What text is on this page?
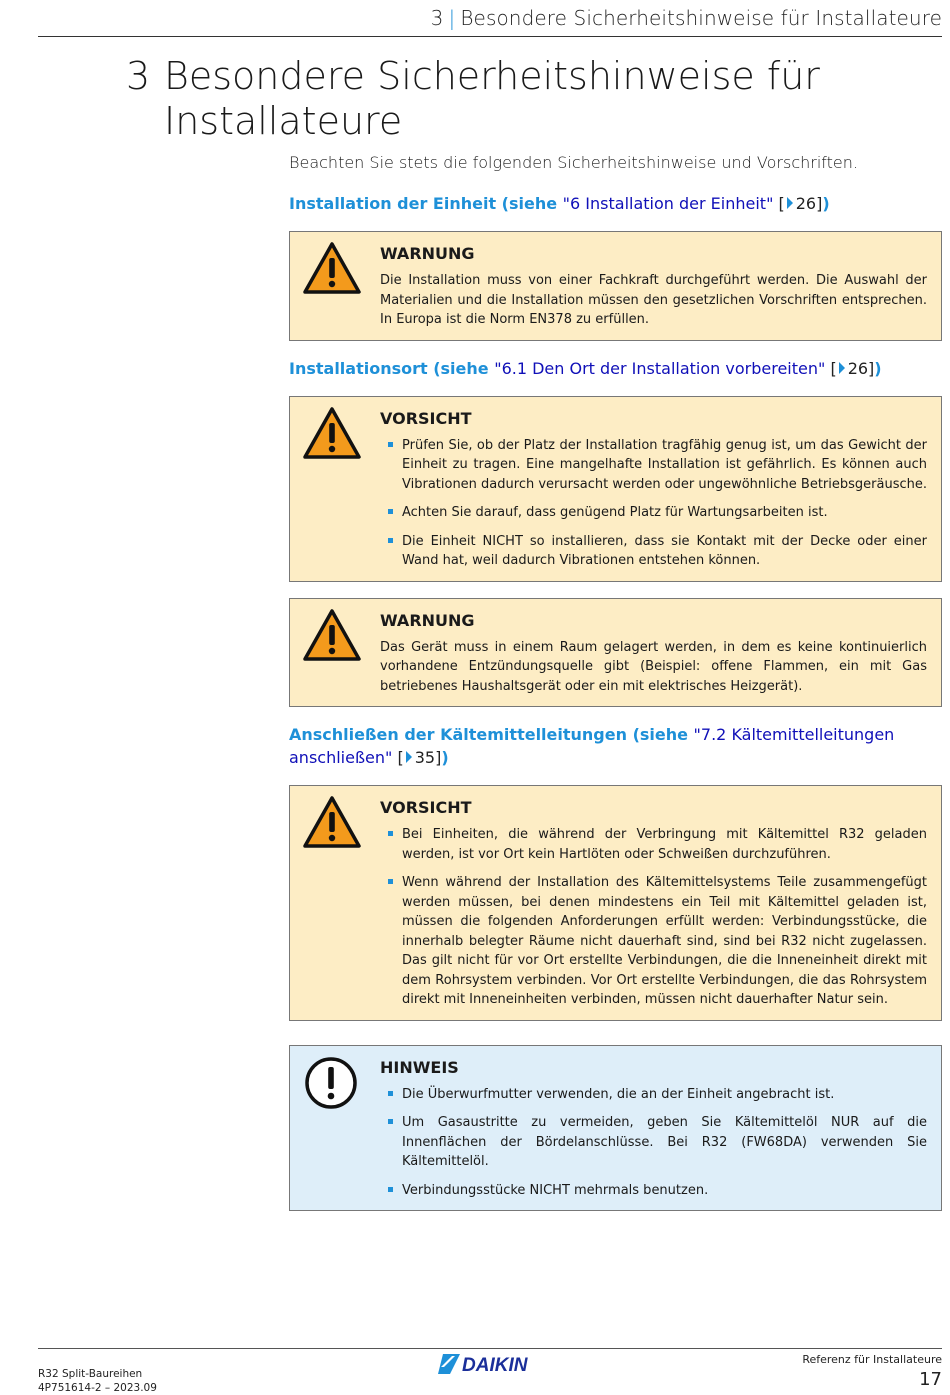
3 | Besondere Sicherheitshinweise für Installateure
3 Besondere Sicherheitshinweise für Installateure

Beachten Sie stets die folgenden Sicherheitshinweise und Vorschriften.

Installation der Einheit (siehe "6 Installation der Einheit" [ 26])
WARNUNG
Die Installation muss von einer Fachkraft durchgeführt werden. Die Auswahl der Materialien und die Installation müssen den gesetzlichen Vorschriften entsprechen. In Europa ist die Norm EN378 zu erfüllen.
Installationsort (siehe "6.1 Den Ort der Installation vorbereiten" [ 26])
VORSICHT
Prüfen Sie, ob der Platz der Installation tragfähig genug ist, um das Gewicht der Einheit zu tragen. Eine mangelhafte Installation ist gefährlich. Es können auch Vibrationen dadurch verursacht werden oder ungewöhnliche Betriebsgeräusche.
Achten Sie darauf, dass genügend Platz für Wartungsarbeiten ist.
Die Einheit NICHT so installieren, dass sie Kontakt mit der Decke oder einer Wand hat, weil dadurch Vibrationen entstehen können.
WARNUNG
Das Gerät muss in einem Raum gelagert werden, in dem es keine kontinuierlich vorhandene Entzündungsquelle gibt (Beispiel: offene Flammen, ein mit Gas betriebenes Haushaltsgerät oder ein mit elektrisches Heizgerät).
Anschließen der Kältemittelleitungen (siehe "7.2 Kältemittelleitungen anschließen" [ 35])
VORSICHT
Bei Einheiten, die während der Verbringung mit Kältemittel R32 geladen werden, ist vor Ort kein Hartlöten oder Schweißen durchzuführen.
Wenn während der Installation des Kältemittelsystems Teile zusammengefügt werden müssen, bei denen mindestens ein Teil mit Kältemittel geladen ist, müssen die folgenden Anforderungen erfüllt werden: Verbindungsstücke, die innerhalb belegter Räume nicht dauerhaft sind, sind bei R32 nicht zugelassen. Das gilt nicht für vor Ort erstellte Verbindungen, die die Inneneinheit direkt mit dem Rohrsystem verbinden. Vor Ort erstellte Verbindungen, die das Rohrsystem direkt mit Inneneinheiten verbinden, müssen nicht dauerhafter Natur sein.
HINWEIS
Die Überwurfmutter verwenden, die an der Einheit angebracht ist.
Um Gasaustritte zu vermeiden, geben Sie Kältemittelöl NUR auf die Innenflächen der Bördelanschlüsse. Bei R32 (FW68DA) verwenden Sie Kältemittelöl.
Verbindungsstücke NICHT mehrmals benutzen.
R32 Split-Baureihen
4P751614-2 – 2023.09
DAIKIN	Referenz für Installateure
17
